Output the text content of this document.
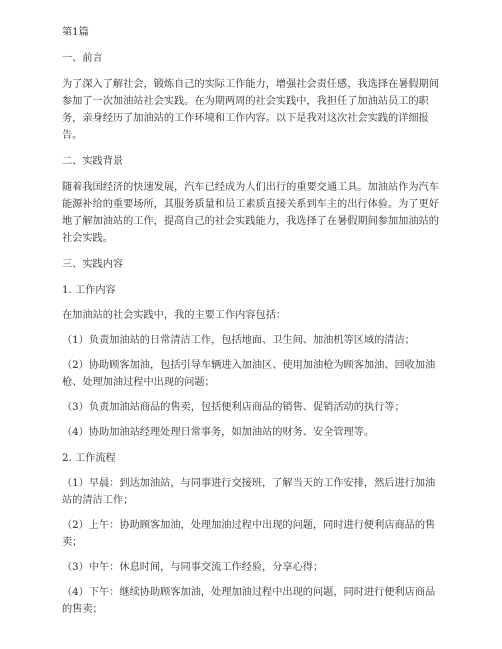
第1篇

一、前言

为了深入了解社会，锻炼自己的实际工作能力，增强社会责任感，我选择在暑假期间参加了一次加油站社会实践。在为期两周的社会实践中，我担任了加油站员工的职务，亲身经历了加油站的工作环境和工作内容。以下是我对这次社会实践的详细报告。

二、实践背景

随着我国经济的快速发展，汽车已经成为人们出行的重要交通工具。加油站作为汽车能源补给的重要场所，其服务质量和员工素质直接关系到车主的出行体验。为了更好地了解加油站的工作，提高自己的社会实践能力，我选择了在暑假期间参加加油站的社会实践。

三、实践内容

1. 工作内容

在加油站的社会实践中，我的主要工作内容包括：

（1）负责加油站的日常清洁工作，包括地面、卫生间、加油机等区域的清洁；

（2）协助顾客加油，包括引导车辆进入加油区、使用加油枪为顾客加油、回收加油枪、处理加油过程中出现的问题；

（3）负责加油站商品的售卖，包括便利店商品的销售、促销活动的执行等；

（4）协助加油站经理处理日常事务，如加油站的财务、安全管理等。

2. 工作流程

（1）早晨：到达加油站，与同事进行交接班，了解当天的工作安排，然后进行加油站的清洁工作；

（2）上午：协助顾客加油，处理加油过程中出现的问题，同时进行便利店商品的售卖；

（3）中午：休息时间，与同事交流工作经验，分享心得；

（4）下午：继续协助顾客加油，处理加油过程中出现的问题，同时进行便利店商品的售卖；
